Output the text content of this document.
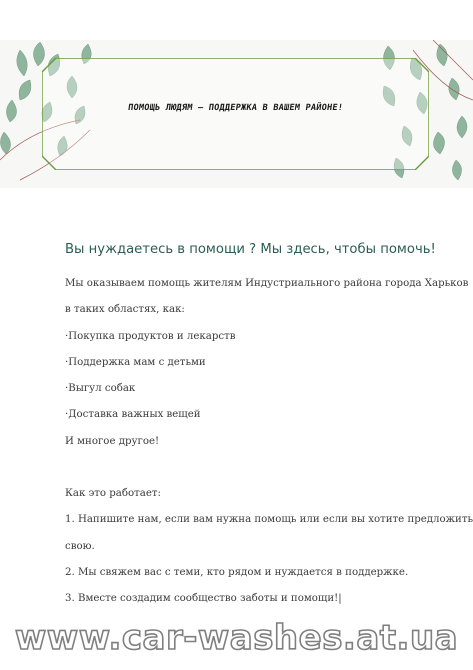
ПОМОЩЬ ЛЮДЯМ — ПОДДЕРЖКА В ВАШЕМ РАЙОНЕ!
Вы нуждаетесь в помощи ? Мы здесь, чтобы помочь!

Мы оказываем помощь жителям Индустриального района города Харьков

в таких областях, как:

·Покупка продуктов и лекарств

·Поддержка мам с детьми

·Выгул собак

·Доставка важных вещей

И многое другое!

Как это работает:

1. Напишите нам, если вам нужна помощь или если вы хотите предложить

свою.

2. Мы свяжем вас с теми, кто рядом и нуждается в поддержке.

3. Вместе создадим сообщество заботы и помощи!|

www.car-washes.at.ua
